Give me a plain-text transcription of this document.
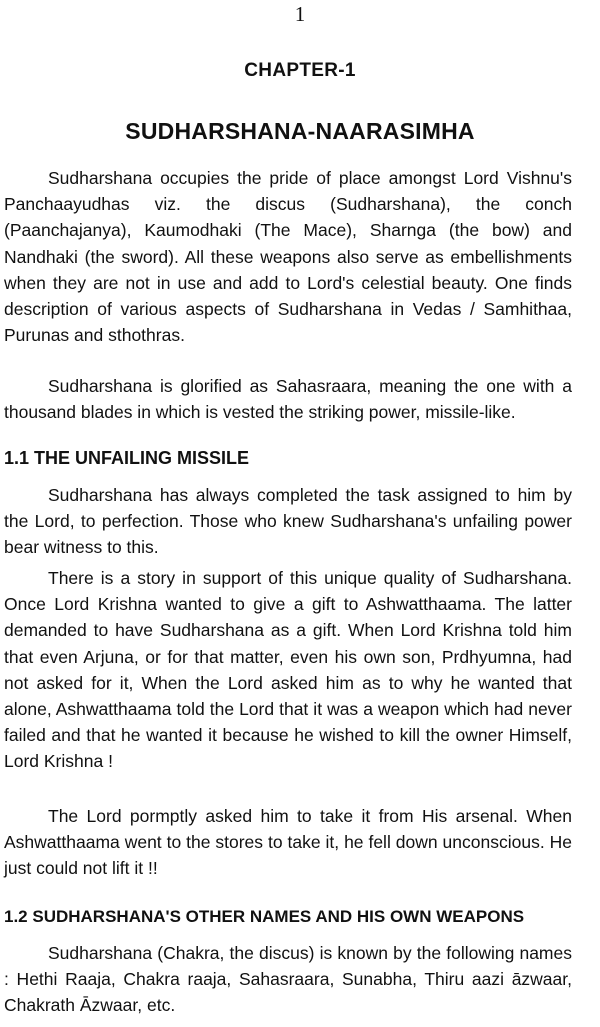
1
CHAPTER-1
SUDHARSHANA-NAARASIMHA

Sudharshana occupies the pride of place amongst Lord Vishnu's Panchaayudhas viz. the discus (Sudharshana), the conch (Paanchajanya), Kaumodhaki (The Mace), Sharnga (the bow) and Nandhaki (the sword). All these weapons also serve as embellishments when they are not in use and add to Lord's celestial beauty. One finds description of various aspects of Sudharshana in Vedas / Samhithaa, Purunas and sthothras.

Sudharshana is glorified as Sahasraara, meaning the one with a thousand blades in which is vested the striking power, missile-like.

1.1 THE UNFAILING MISSILE

Sudharshana has always completed the task assigned to him by the Lord, to perfection. Those who knew Sudharshana's unfailing power bear witness to this.

There is a story in support of this unique quality of Sudharshana. Once Lord Krishna wanted to give a gift to Ashwatthaama. The latter demanded to have Sudharshana as a gift. When Lord Krishna told him that even Arjuna, or for that matter, even his own son, Prdhyumna, had not asked for it, When the Lord asked him as to why he wanted that alone, Ashwatthaama told the Lord that it was a weapon which had never failed and that he wanted it because he wished to kill the owner Himself, Lord Krishna !

The Lord pormptly asked him to take it from His arsenal. When Ashwatthaama went to the stores to take it, he fell down unconscious. He just could not lift it !!

1.2 SUDHARSHANA'S OTHER NAMES AND HIS OWN WEAPONS

Sudharshana (Chakra, the discus) is known by the following names : Hethi Raaja, Chakra raaja, Sahasraara, Sunabha, Thiru aazi āzwaar, Chakrath Āzwaar, etc.
